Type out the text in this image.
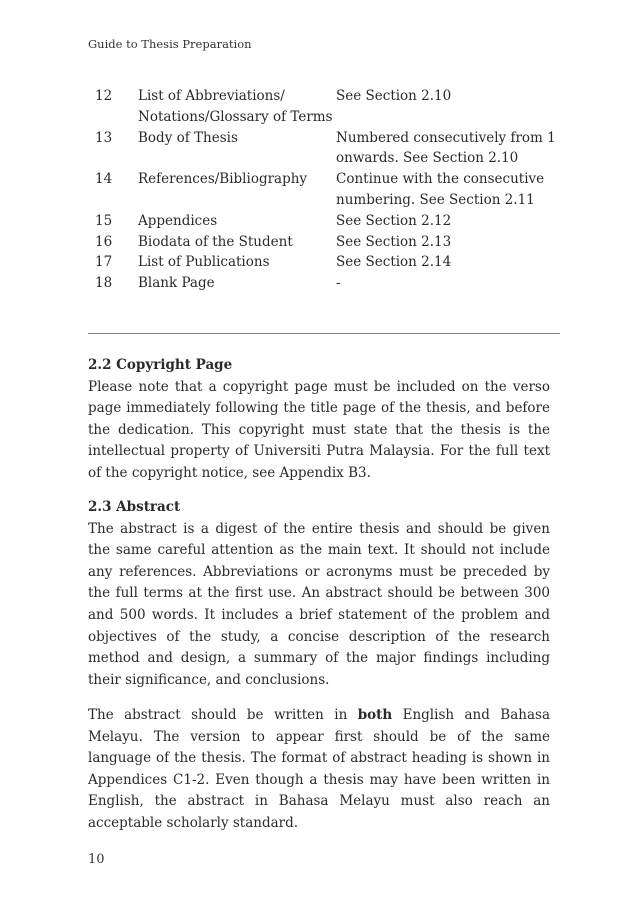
Guide to Thesis Preparation
12	List of Abbreviations/ Notations/Glossary of Terms	See Section 2.10
13	Body of Thesis	Numbered consecutively from 1 onwards. See Section 2.10
14	References/Bibliography	Continue with the consecutive numbering. See Section 2.11
15	Appendices	See Section 2.12
16	Biodata of the Student	See Section 2.13
17	List of Publications	See Section 2.14
18	Blank Page	-
2.2 Copyright Page

Please note that a copyright page must be included on the verso page immediately following the title page of the thesis, and before the dedication. This copyright must state that the thesis is the intellectual property of Universiti Putra Malaysia. For the full text of the copyright notice, see Appendix B3.

2.3 Abstract

The abstract is a digest of the entire thesis and should be given the same careful attention as the main text. It should not include any references. Abbreviations or acronyms must be preceded by the full terms at the first use. An abstract should be between 300 and 500 words. It includes a brief statement of the problem and objectives of the study, a concise description of the research method and design, a summary of the major findings including their significance, and conclusions.

The abstract should be written in both English and Bahasa Melayu. The version to appear first should be of the same language of the thesis. The format of abstract heading is shown in Appendices C1-2. Even though a thesis may have been written in English, the abstract in Bahasa Melayu must also reach an acceptable scholarly standard.

10
